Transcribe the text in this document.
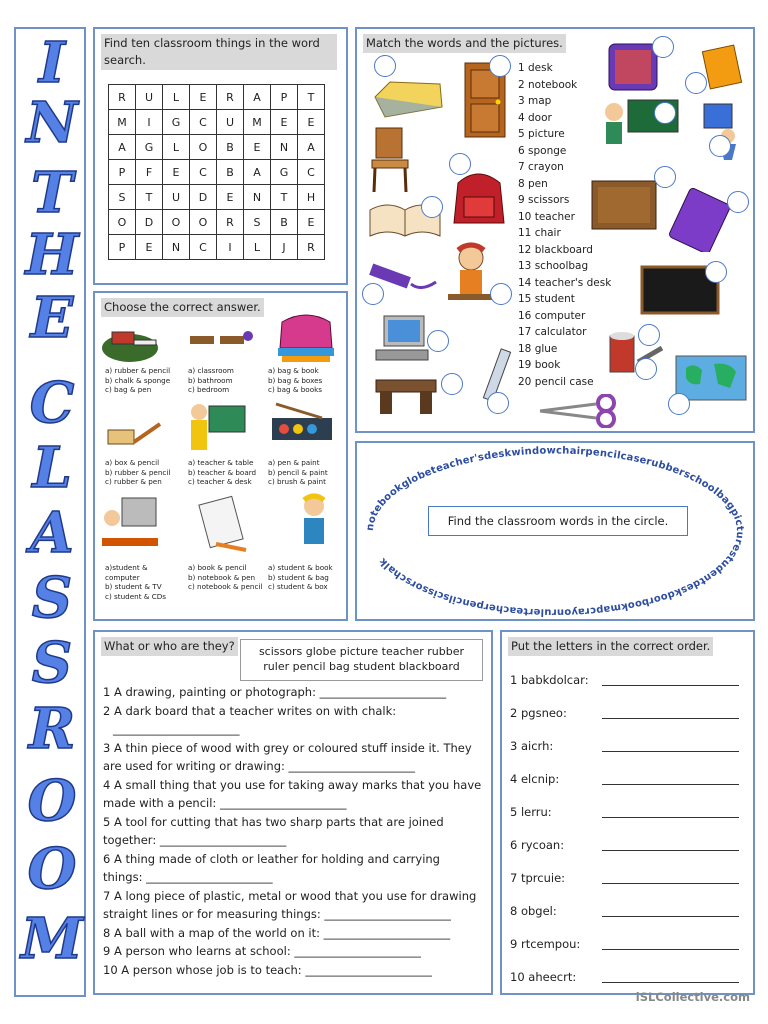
I
N
T
H
E
C
L
A
S
S
R
O
O
M
Find ten classroom things in the word search.
R	U	L	E	R	A	P	T
M	I	G	C	U	M	E	E
A	G	L	O	B	E	N	A
P	F	E	C	B	A	G	C
S	T	U	D	E	N	T	H
O	D	O	O	R	S	B	E
P	E	N	C	I	L	J	R
Match the words and the pictures.
1 desk
2 notebook
3 map
4 door
5 picture
6 sponge
7 crayon
8 pen
9 scissors
10 teacher
11 chair
12 blackboard
13 schoolbag
14 teacher's desk
15 student
16 computer
17 calculator
18 glue
19 book
20 pencil case
Choose the correct answer.
a) rubber & pencil
b) chalk & sponge
c) bag & pen
a) classroom
b) bathroom
c) bedroom
a) bag & book
b) bag & boxes
c) bag & books
a) box & pencil
b) rubber & pencil
c) rubber & pen
a) teacher & table
b) teacher & board
c) teacher & desk
a) pen & paint
b) pencil & paint
c) brush & paint
a)student & computer
b) student & TV
c) student & CDs
a) book & pencil
b) notebook & pen
c) notebook & pencil
a) student & book
b) student & bag
c) student & box
notebookglobeteacher'sdeskwindowchairpencilcaserubberschoolbagpicturestudentdeskdoorbookmapcrayonrulerteacherpencilscissorschalk
Find the classroom words in the circle.
What or who are they?	scissors globe picture teacher rubber
ruler pencil bag student blackboard
1 A drawing, painting or photograph: ______________________
2 A dark board that a teacher writes on with chalk:
______________________
3 A thin piece of wood with grey or coloured stuff inside it. They
are used for writing or drawing: ______________________
4 A small thing that you use for taking away marks that you have
made with a pencil: ______________________
5 A tool for cutting that has two sharp parts that are joined
together: ______________________
6 A thing made of cloth or leather for holding and carrying
things: ______________________
7 A long piece of plastic, metal or wood that you use for drawing
straight lines or for measuring things: ______________________
8 A ball with a map of the world on it: ______________________
9 A person who learns at school: ______________________
10 A person whose job is to teach: ______________________
Put the letters in the correct order.
1 babkdolcar:
2 pgsneo:
3 aicrh:
4 elcnip:
5 lerru:
6 rycoan:
7 tprcuie:
8 obgel:
9 rtcempou:
10 aheecrt:
iSLCollective.com
